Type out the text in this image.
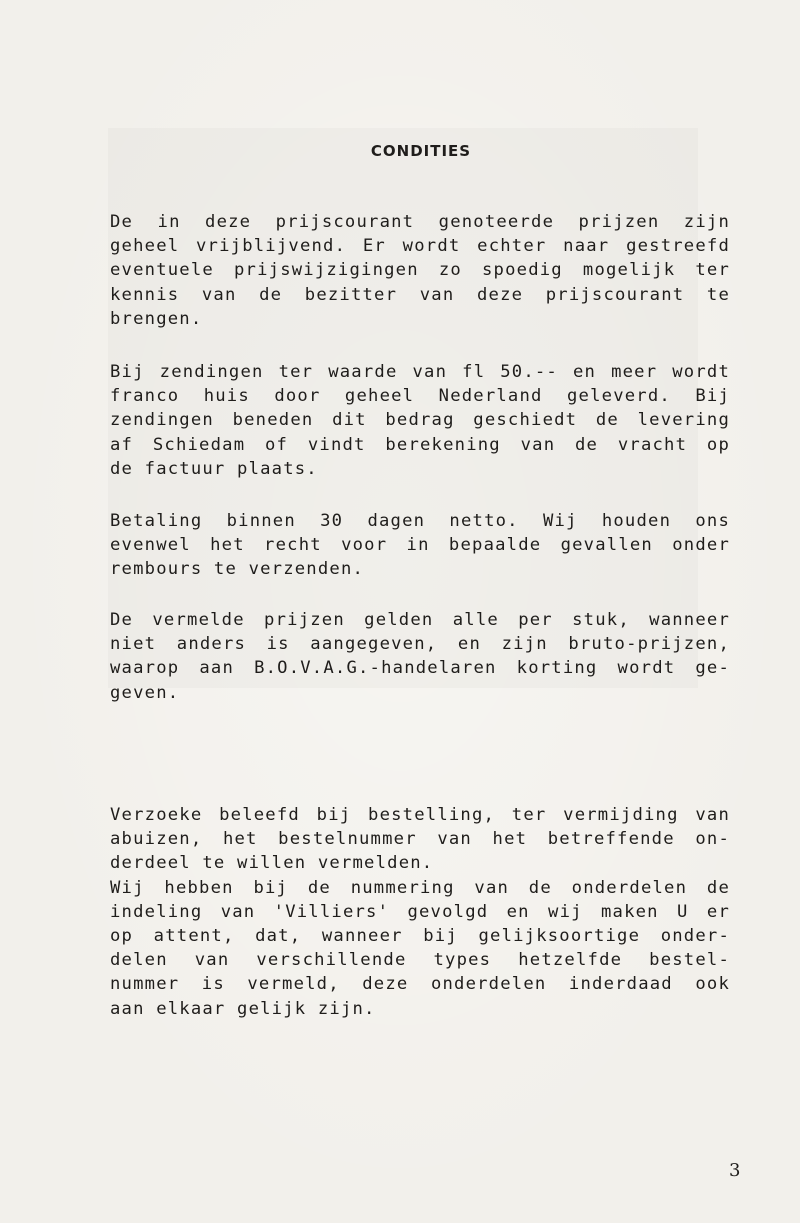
CONDITIES

De in deze prijscourant genoteerde prijzen zijn
geheel vrijblijvend. Er wordt echter naar gestreefd
eventuele prijswijzigingen zo spoedig mogelijk ter
kennis van de bezitter van deze prijscourant te
brengen.

Bij zendingen ter waarde van fl 50.-- en meer wordt
franco huis door geheel Nederland geleverd. Bij
zendingen beneden dit bedrag geschiedt de levering
af Schiedam of vindt berekening van de vracht op
de factuur plaats.

Betaling binnen 30 dagen netto. Wij houden ons
evenwel het recht voor in bepaalde gevallen onder
rembours te verzenden.

De vermelde prijzen gelden alle per stuk, wanneer
niet anders is aangegeven, en zijn bruto-prijzen,
waarop aan B.O.V.A.G.-handelaren korting wordt ge-
geven.

Verzoeke beleefd bij bestelling, ter vermijding van
abuizen, het bestelnummer van het betreffende on-
derdeel te willen vermelden.
Wij hebben bij de nummering van de onderdelen de
indeling van 'Villiers' gevolgd en wij maken U er
op attent, dat, wanneer bij gelijksoortige onder-
delen van verschillende types hetzelfde bestel-
nummer is vermeld, deze onderdelen inderdaad ook
aan elkaar gelijk zijn.

3
